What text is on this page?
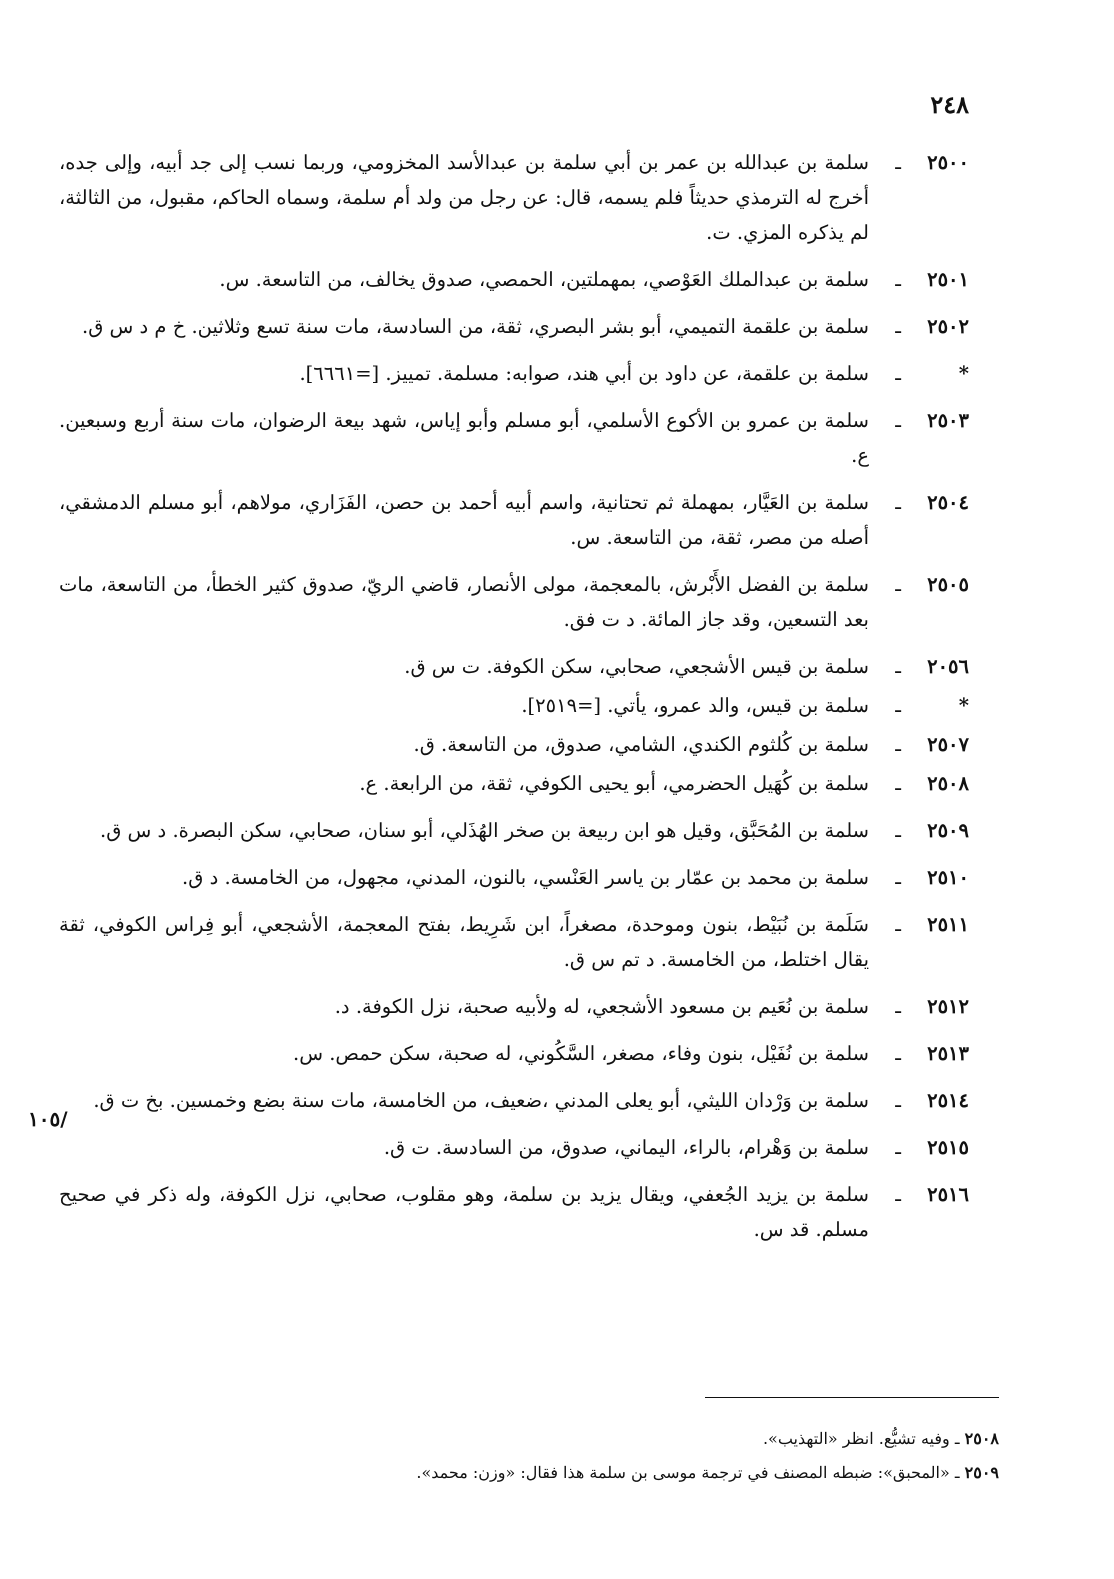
٢٤٨
٢٥٠٠
ـ
سلمة بن عبدالله بن عمر بن أبي سلمة بن عبدالأسد المخزومي، وربما نسب إلى جد أبيه، وإلى جده، أخرج له الترمذي حديثاً فلم يسمه، قال: عن رجل من ولد أم سلمة، وسماه الحاكم، مقبول، من الثالثة، لم يذكره المزي. ت.
٢٥٠١
ـ
سلمة بن عبدالملك العَوْصي، بمهملتين، الحمصي، صدوق يخالف، من التاسعة. س.
٢٥٠٢
ـ
سلمة بن علقمة التميمي، أبو بشر البصري، ثقة، من السادسة، مات سنة تسع وثلاثين. خ م د س ق.
*
ـ
سلمة بن علقمة، عن داود بن أبي هند، صوابه: مسلمة. تمييز. [=٦٦٦١].
٢٥٠٣
ـ
سلمة بن عمرو بن الأكوع الأسلمي، أبو مسلم وأبو إياس، شهد بيعة الرضوان، مات سنة أربع وسبعين. ع.
٢٥٠٤
ـ
سلمة بن العَيَّار، بمهملة ثم تحتانية، واسم أبيه أحمد بن حصن، الفَزَاري، مولاهم، أبو مسلم الدمشقي، أصله من مصر، ثقة، من التاسعة. س.
٢٥٠٥
ـ
سلمة بن الفضل الأَبْرش، بالمعجمة، مولى الأنصار، قاضي الريّ، صدوق كثير الخطأ، من التاسعة، مات بعد التسعين، وقد جاز المائة. د ت فق.
٢٠٥٦
ـ
سلمة بن قيس الأشجعي، صحابي، سكن الكوفة. ت س ق.
*
ـ
سلمة بن قيس، والد عمرو، يأتي. [=٢٥١٩].
٢٥٠٧
ـ
سلمة بن كُلثوم الكندي، الشامي، صدوق، من التاسعة. ق.
٢٥٠٨
ـ
سلمة بن كُهَيل الحضرمي، أبو يحيى الكوفي، ثقة، من الرابعة. ع.
٢٥٠٩
ـ
سلمة بن المُحَبَّق، وقيل هو ابن ربيعة بن صخر الهُذَلي، أبو سنان، صحابي، سكن البصرة. د س ق.
٢٥١٠
ـ
سلمة بن محمد بن عمّار بن ياسر العَنْسي، بالنون، المدني، مجهول، من الخامسة. د ق.
٢٥١١
ـ
سَلَمة بن نُبَيْط، بنون وموحدة، مصغراً، ابن شَرِيط، بفتح المعجمة، الأشجعي، أبو فِراس الكوفي، ثقة يقال اختلط، من الخامسة. د تم س ق.
٢٥١٢
ـ
سلمة بن نُعَيم بن مسعود الأشجعي، له ولأبيه صحبة، نزل الكوفة. د.
٢٥١٣
ـ
سلمة بن نُفَيْل، بنون وفاء، مصغر، السَّكُوني، له صحبة، سكن حمص. س.
٢٥١٤
ـ
سلمة بن وَرْدان الليثي، أبو يعلى المدني ،ضعيف، من الخامسة، مات سنة بضع وخمسين. بخ ت ق.
٢٥١٥
ـ
سلمة بن وَهْرام، بالراء، اليماني، صدوق، من السادسة. ت ق.
٢٥١٦
ـ
سلمة بن يزيد الجُعفي، ويقال يزيد بن سلمة، وهو مقلوب، صحابي، نزل الكوفة، وله ذكر في صحيح مسلم. قد س.
/١٠٥
٢٥٠٨ ـ وفيه تشيُّع. انظر «التهذيب».
٢٥٠٩ ـ «المحبق»: ضبطه المصنف في ترجمة موسى بن سلمة هذا فقال: «وزن: محمد».
